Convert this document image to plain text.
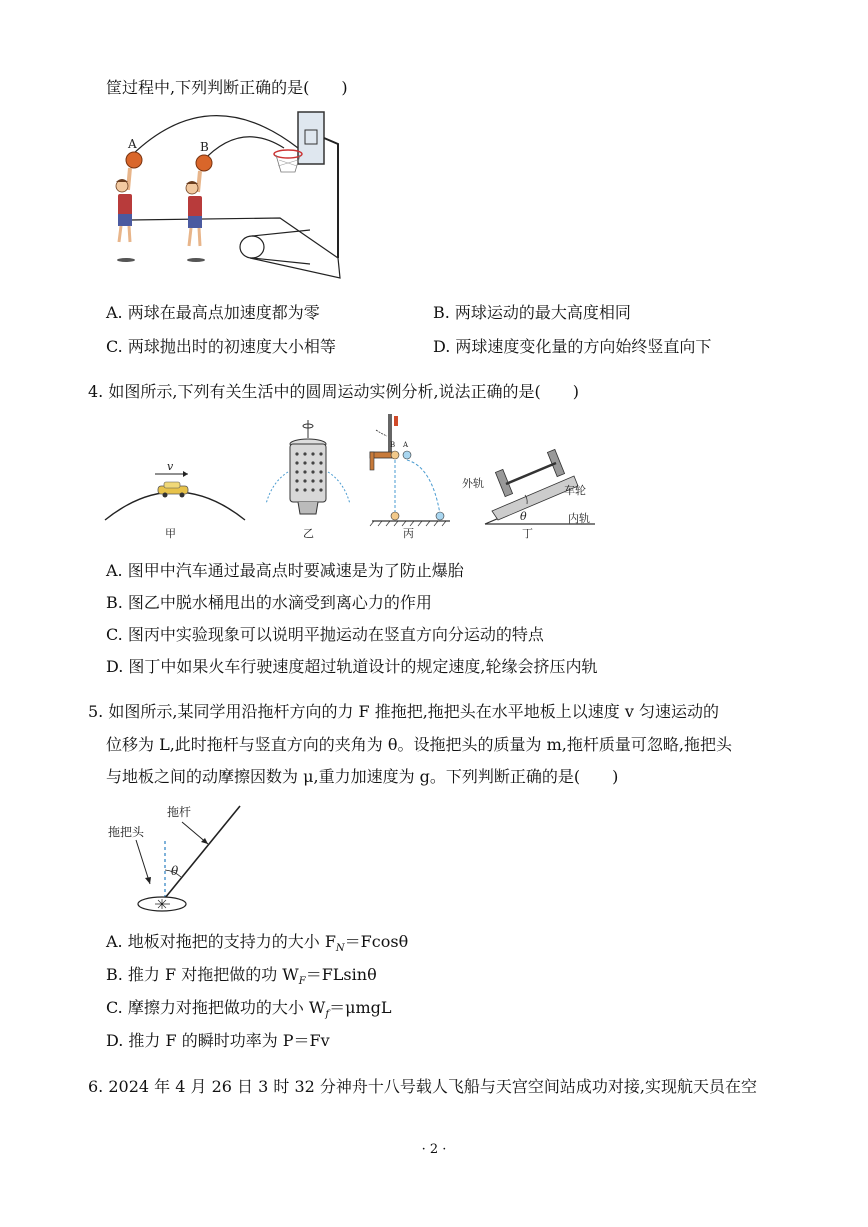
筐过程中,下列判断正确的是(　　)
A	B
A. 两球在最高点加速度都为零	B. 两球运动的最大高度相同
C. 两球抛出时的初速度大小相等	D. 两球速度变化量的方向始终竖直向下
4. 如图所示,下列有关生活中的圆周运动实例分析,说法正确的是(　　)
v
甲	乙
B A
丙
θ
外轨
车轮
内轨
丁
A. 图甲中汽车通过最高点时要减速是为了防止爆胎
B. 图乙中脱水桶甩出的水滴受到离心力的作用
C. 图丙中实验现象可以说明平抛运动在竖直方向分运动的特点
D. 图丁中如果火车行驶速度超过轨道设计的规定速度,轮缘会挤压内轨
5. 如图所示,某同学用沿拖杆方向的力 F 推拖把,拖把头在水平地板上以速度 v 匀速运动的
位移为 L,此时拖杆与竖直方向的夹角为 θ。设拖把头的质量为 m,拖杆质量可忽略,拖把头
与地板之间的动摩擦因数为 μ,重力加速度为 g。下列判断正确的是(　　)
拖杆
拖把头
θ
A. 地板对拖把的支持力的大小 $F_N=Fcos\theta$
B. 推力 F 对拖把做的功 $W_F=FLsin\theta$
C. 摩擦力对拖把做功的大小 $W_f=\mu mgL$
D. 推力 F 的瞬时功率为 P＝Fv
6. 2024 年 4 月 26 日 3 时 32 分神舟十八号载人飞船与天宫空间站成功对接,实现航天员在空
· 2 ·
